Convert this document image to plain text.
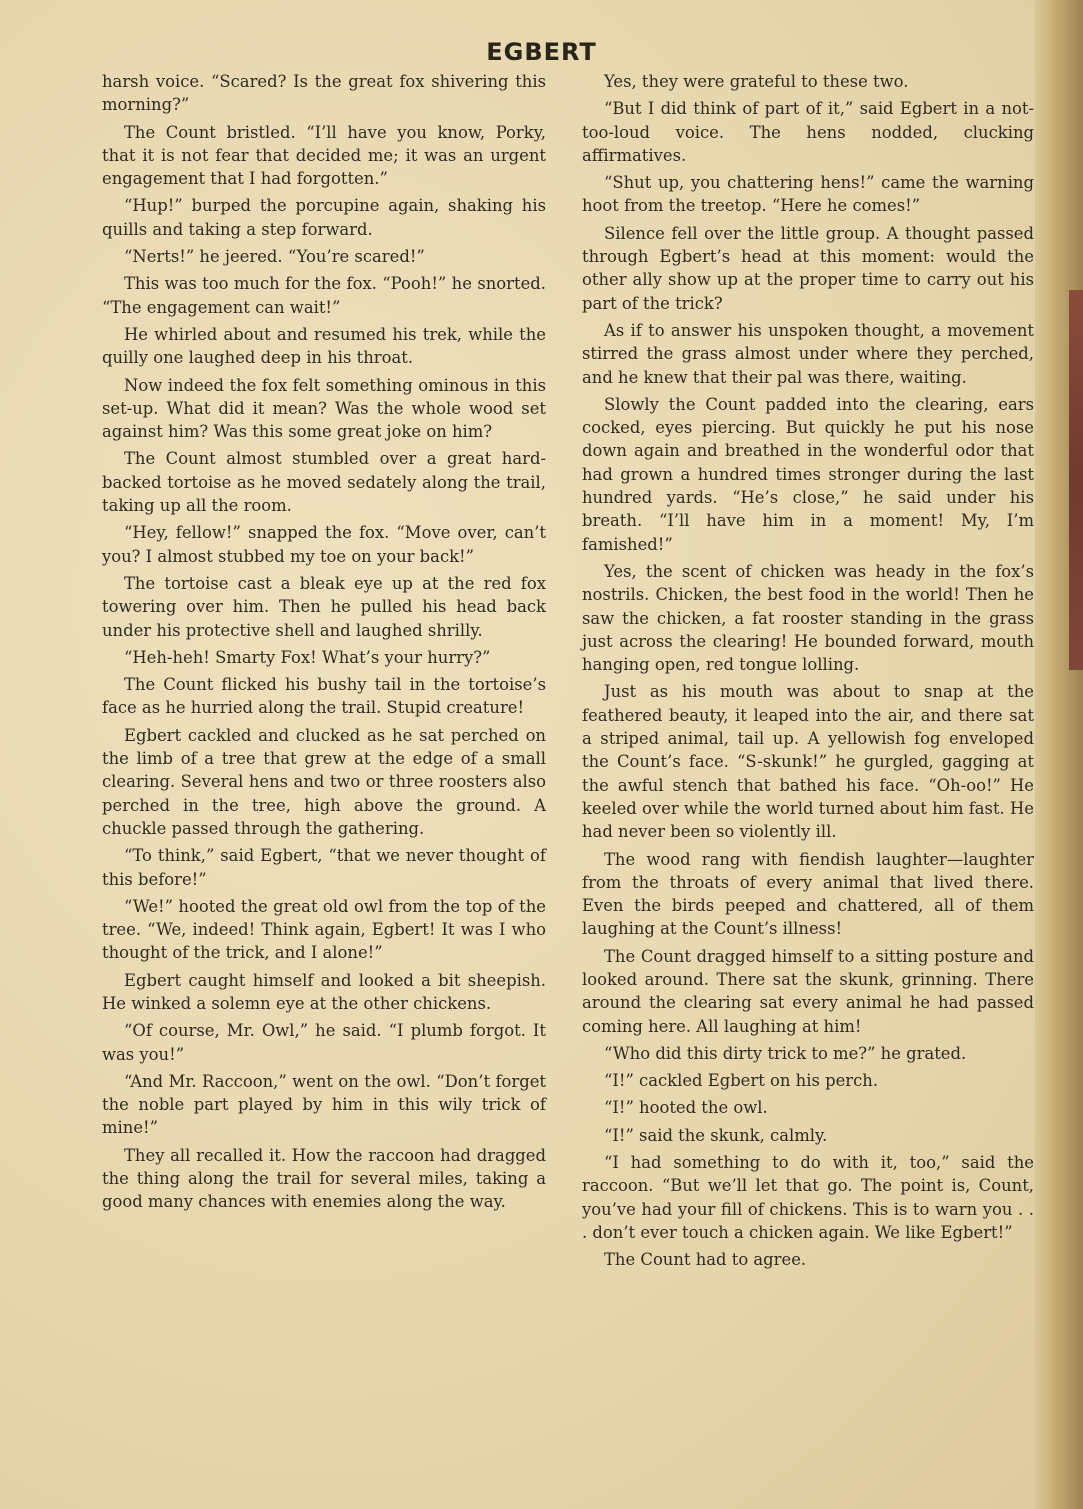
EGBERT

harsh voice. “Scared? Is the great fox shivering this morning?”

The Count bristled. “I’ll have you know, Porky, that it is not fear that decided me; it was an urgent engagement that I had forgotten.”

“Hup!” burped the porcupine again, shaking his quills and taking a step forward.

“Nerts!” he jeered. “You’re scared!”

This was too much for the fox. “Pooh!” he snorted. “The engagement can wait!”

He whirled about and resumed his trek, while the quilly one laughed deep in his throat.

Now indeed the fox felt something ominous in this set-up. What did it mean? Was the whole wood set against him? Was this some great joke on him?

The Count almost stumbled over a great hard-backed tortoise as he moved sedately along the trail, taking up all the room.

“Hey, fellow!” snapped the fox. “Move over, can’t you? I almost stubbed my toe on your back!”

The tortoise cast a bleak eye up at the red fox towering over him. Then he pulled his head back under his protective shell and laughed shrilly.

“Heh-heh! Smarty Fox! What’s your hurry?”

The Count flicked his bushy tail in the tortoise’s face as he hurried along the trail. Stupid creature!

Egbert cackled and clucked as he sat perched on the limb of a tree that grew at the edge of a small clearing. Several hens and two or three roosters also perched in the tree, high above the ground. A chuckle passed through the gathering.

“To think,” said Egbert, “that we never thought of this before!”

“We!” hooted the great old owl from the top of the tree. “We, indeed! Think again, Egbert! It was I who thought of the trick, and I alone!”

Egbert caught himself and looked a bit sheepish. He winked a solemn eye at the other chickens.

“Of course, Mr. Owl,” he said. “I plumb forgot. It was you!”

“And Mr. Raccoon,” went on the owl. “Don’t forget the noble part played by him in this wily trick of mine!”

They all recalled it. How the raccoon had dragged the thing along the trail for several miles, taking a good many chances with enemies along the way.

Yes, they were grateful to these two.

“But I did think of part of it,” said Egbert in a not-too-loud voice. The hens nodded, clucking affirmatives.

“Shut up, you chattering hens!” came the warning hoot from the treetop. “Here he comes!”

Silence fell over the little group. A thought passed through Egbert’s head at this moment: would the other ally show up at the proper time to carry out his part of the trick?

As if to answer his unspoken thought, a movement stirred the grass almost under where they perched, and he knew that their pal was there, waiting.

Slowly the Count padded into the clearing, ears cocked, eyes piercing. But quickly he put his nose down again and breathed in the wonderful odor that had grown a hundred times stronger during the last hundred yards. “He’s close,” he said under his breath. “I’ll have him in a moment! My, I’m famished!”

Yes, the scent of chicken was heady in the fox’s nostrils. Chicken, the best food in the world! Then he saw the chicken, a fat rooster standing in the grass just across the clearing! He bounded forward, mouth hanging open, red tongue lolling.

Just as his mouth was about to snap at the feathered beauty, it leaped into the air, and there sat a striped animal, tail up. A yellowish fog enveloped the Count’s face. “S-skunk!” he gurgled, gagging at the awful stench that bathed his face. “Oh-oo!” He keeled over while the world turned about him fast. He had never been so violently ill.

The wood rang with fiendish laughter—laughter from the throats of every animal that lived there. Even the birds peeped and chattered, all of them laughing at the Count’s illness!

The Count dragged himself to a sitting posture and looked around. There sat the skunk, grinning. There around the clearing sat every animal he had passed coming here. All laughing at him!

“Who did this dirty trick to me?” he grated.

“I!” cackled Egbert on his perch.

“I!” hooted the owl.

“I!” said the skunk, calmly.

“I had something to do with it, too,” said the raccoon. “But we’ll let that go. The point is, Count, you’ve had your fill of chickens. This is to warn you . . . don’t ever touch a chicken again. We like Egbert!”

The Count had to agree.
